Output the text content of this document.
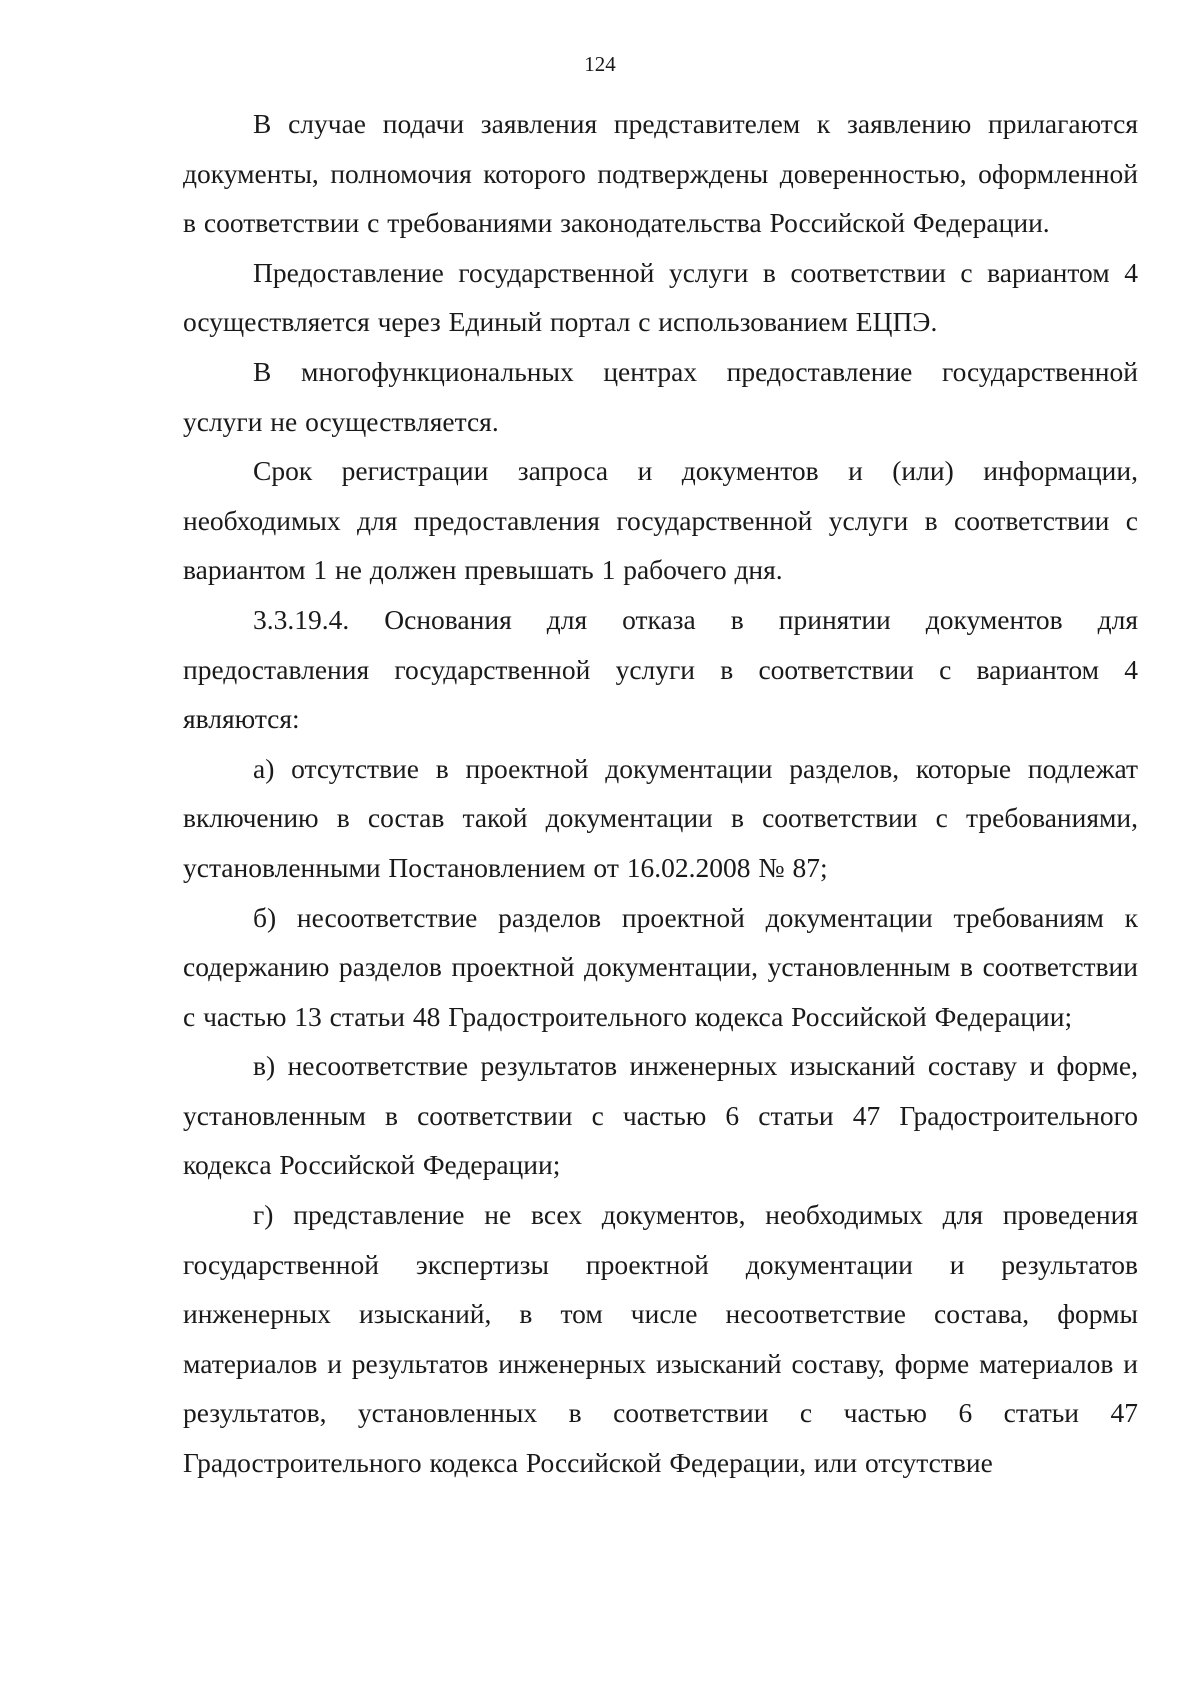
124

В случае подачи заявления представителем к заявлению прилагаются документы, полномочия которого подтверждены доверенностью, оформленной в соответствии с требованиями законодательства Российской Федерации.

Предоставление государственной услуги в соответствии с вариантом 4 осуществляется через Единый портал с использованием ЕЦПЭ.

В многофункциональных центрах предоставление государственной услуги не осуществляется.

Срок регистрации запроса и документов и (или) информации, необходимых для предоставления государственной услуги в соответствии с вариантом 1 не должен превышать 1 рабочего дня.

3.3.19.4. Основания для отказа в принятии документов для предоставления государственной услуги в соответствии с вариантом 4 являются:

а) отсутствие в проектной документации разделов, которые подлежат включению в состав такой документации в соответствии с требованиями, установленными Постановлением от 16.02.2008 № 87;

б) несоответствие разделов проектной документации требованиям к содержанию разделов проектной документации, установленным в соответствии с частью 13 статьи 48 Градостроительного кодекса Российской Федерации;

в) несоответствие результатов инженерных изысканий составу и форме, установленным в соответствии с частью 6 статьи 47 Градостроительного кодекса Российской Федерации;

г) представление не всех документов, необходимых для проведения государственной экспертизы проектной документации и результатов инженерных изысканий, в том числе несоответствие состава, формы материалов и результатов инженерных изысканий составу, форме материалов и результатов, установленных в соответствии с частью 6 статьи 47 Градостроительного кодекса Российской Федерации, или отсутствие
